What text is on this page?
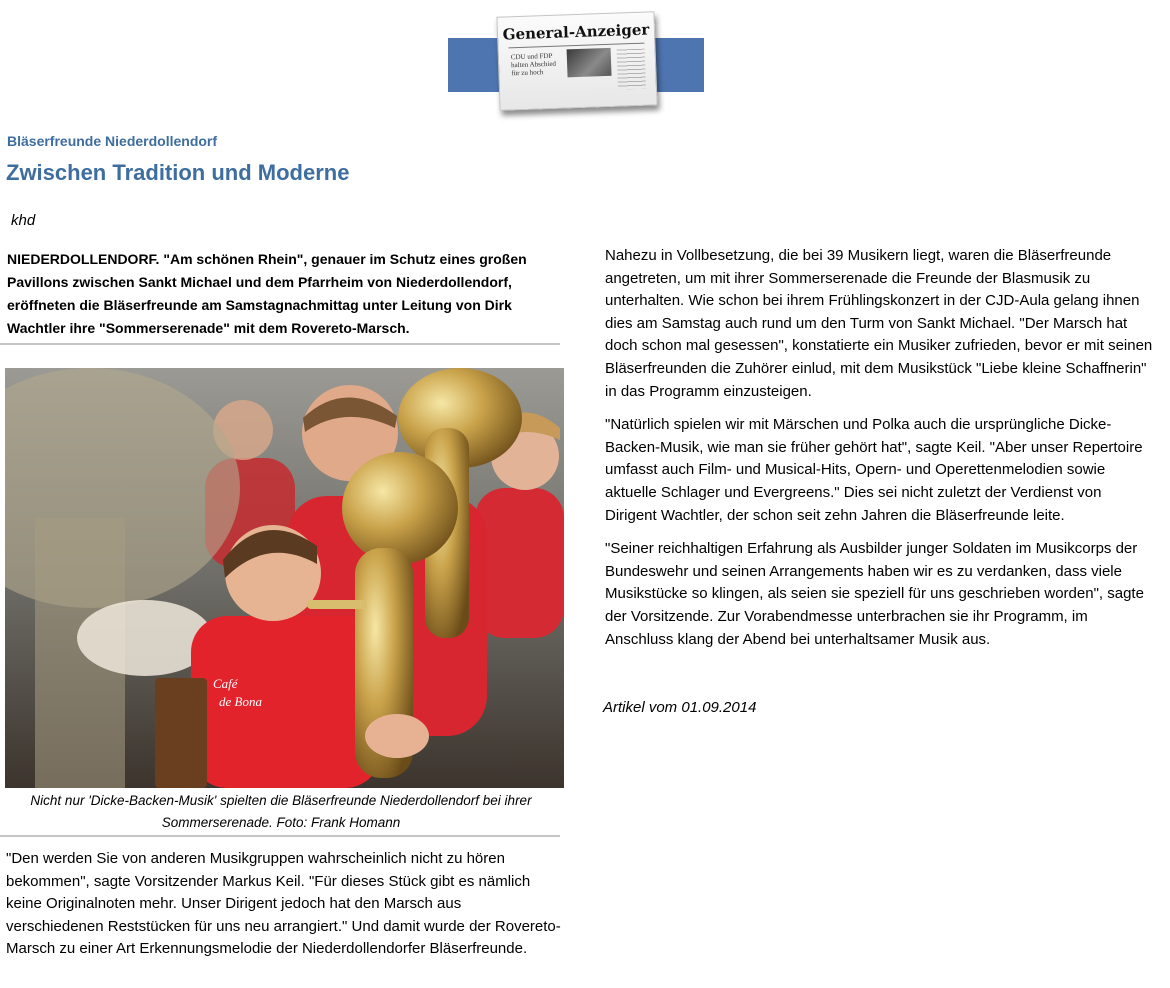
General-Anzeiger
CDU und FDP halten Abschied für zu hoch
Bläserfreunde Niederdollendorf
Zwischen Tradition und Moderne
khd

NIEDERDOLLENDORF. "Am schönen Rhein", genauer im Schutz eines großen Pavillons zwischen Sankt Michael und dem Pfarrheim von Niederdollendorf, eröffneten die Bläserfreunde am Samstagnachmittag unter Leitung von Dirk Wachtler ihre "Sommerserenade" mit dem Rovereto-Marsch.

Café
de Bona

Nicht nur 'Dicke-Backen-Musik' spielten die Bläserfreunde Niederdollendorf bei ihrer Sommerserenade. Foto: Frank Homann

"Den werden Sie von anderen Musikgruppen wahrscheinlich nicht zu hören bekommen", sagte Vorsitzender Markus Keil. "Für dieses Stück gibt es nämlich keine Originalnoten mehr. Unser Dirigent jedoch hat den Marsch aus verschiedenen Reststücken für uns neu arrangiert." Und damit wurde der Rovereto-Marsch zu einer Art Erkennungsmelodie der Niederdollendorfer Bläserfreunde.

Nahezu in Vollbesetzung, die bei 39 Musikern liegt, waren die Bläserfreunde angetreten, um mit ihrer Sommerserenade die Freunde der Blasmusik zu unterhalten. Wie schon bei ihrem Frühlingskonzert in der CJD-Aula gelang ihnen dies am Samstag auch rund um den Turm von Sankt Michael. "Der Marsch hat doch schon mal gesessen", konstatierte ein Musiker zufrieden, bevor er mit seinen Bläserfreunden die Zuhörer einlud, mit dem Musikstück "Liebe kleine Schaffnerin" in das Programm einzusteigen.

"Natürlich spielen wir mit Märschen und Polka auch die ursprüngliche Dicke-Backen-Musik, wie man sie früher gehört hat", sagte Keil. "Aber unser Repertoire umfasst auch Film- und Musical-Hits, Opern- und Operettenmelodien sowie aktuelle Schlager und Evergreens." Dies sei nicht zuletzt der Verdienst von Dirigent Wachtler, der schon seit zehn Jahren die Bläserfreunde leite.

"Seiner reichhaltigen Erfahrung als Ausbilder junger Soldaten im Musikcorps der Bundeswehr und seinen Arrangements haben wir es zu verdanken, dass viele Musikstücke so klingen, als seien sie speziell für uns geschrieben worden", sagte der Vorsitzende. Zur Vorabendmesse unterbrachen sie ihr Programm, im Anschluss klang der Abend bei unterhaltsamer Musik aus.

Artikel vom 01.09.2014
